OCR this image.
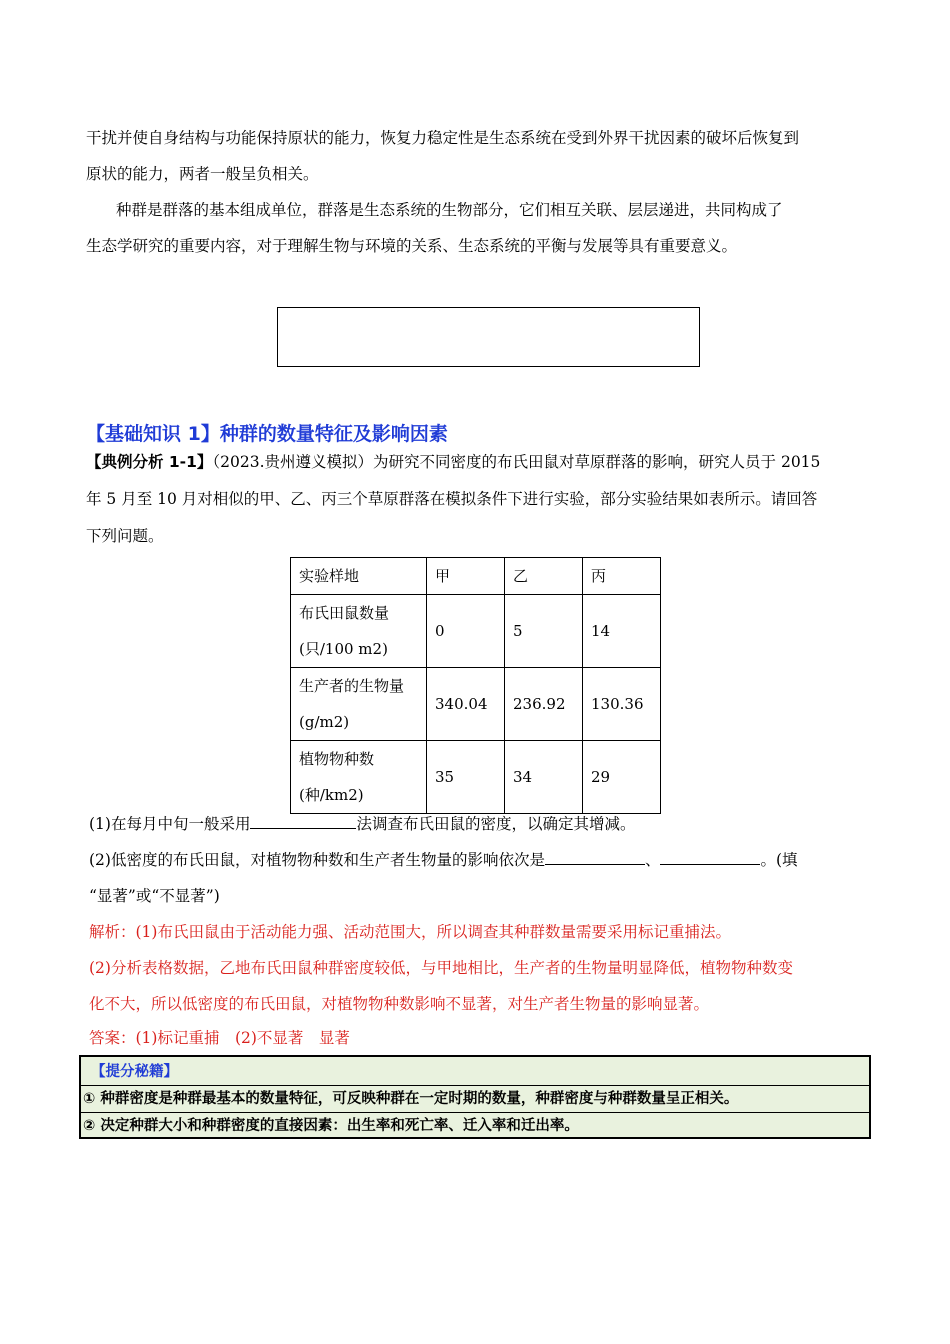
干扰并使自身结构与功能保持原状的能力，恢复力稳定性是生态系统在受到外界干扰因素的破坏后恢复到
原状的能力，两者一般呈负相关。
种群是群落的基本组成单位，群落是生态系统的生物部分，它们相互关联、层层递进，共同构成了
生态学研究的重要内容，对于理解生物与环境的关系、生态系统的平衡与发展等具有重要意义。
【基础知识 1】种群的数量特征及影响因素
【典例分析 1-1】（2023.贵州遵义模拟）为研究不同密度的布氏田鼠对草原群落的影响，研究人员于 2015
年 5 月至 10 月对相似的甲、乙、丙三个草原群落在模拟条件下进行实验，部分实验结果如表所示。请回答
下列问题。
实验样地	甲	乙	丙

布氏田鼠数量
(只/100 m2)	0	5	14

生产者的生物量
(g/m2)	340.04	236.92	130.36

植物物种数
(种/km2)	35	34	29
(1)在每月中旬一般采用	法调查布氏田鼠的密度，以确定其增减。
(2)低密度的布氏田鼠，对植物物种数和生产者生物量的影响依次是	、	。(填
“显著”或“不显著”)
解析：(1)布氏田鼠由于活动能力强、活动范围大，所以调查其种群数量需要采用标记重捕法。
(2)分析表格数据，乙地布氏田鼠种群密度较低，与甲地相比，生产者的生物量明显降低，植物物种数变
化不大，所以低密度的布氏田鼠，对植物物种数影响不显著，对生产者生物量的影响显著。
答案：(1)标记重捕　(2)不显著　显著
【提分秘籍】
① 种群密度是种群最基本的数量特征，可反映种群在一定时期的数量，种群密度与种群数量呈正相关。
② 决定种群大小和种群密度的直接因素：出生率和死亡率、迁入率和迁出率。
